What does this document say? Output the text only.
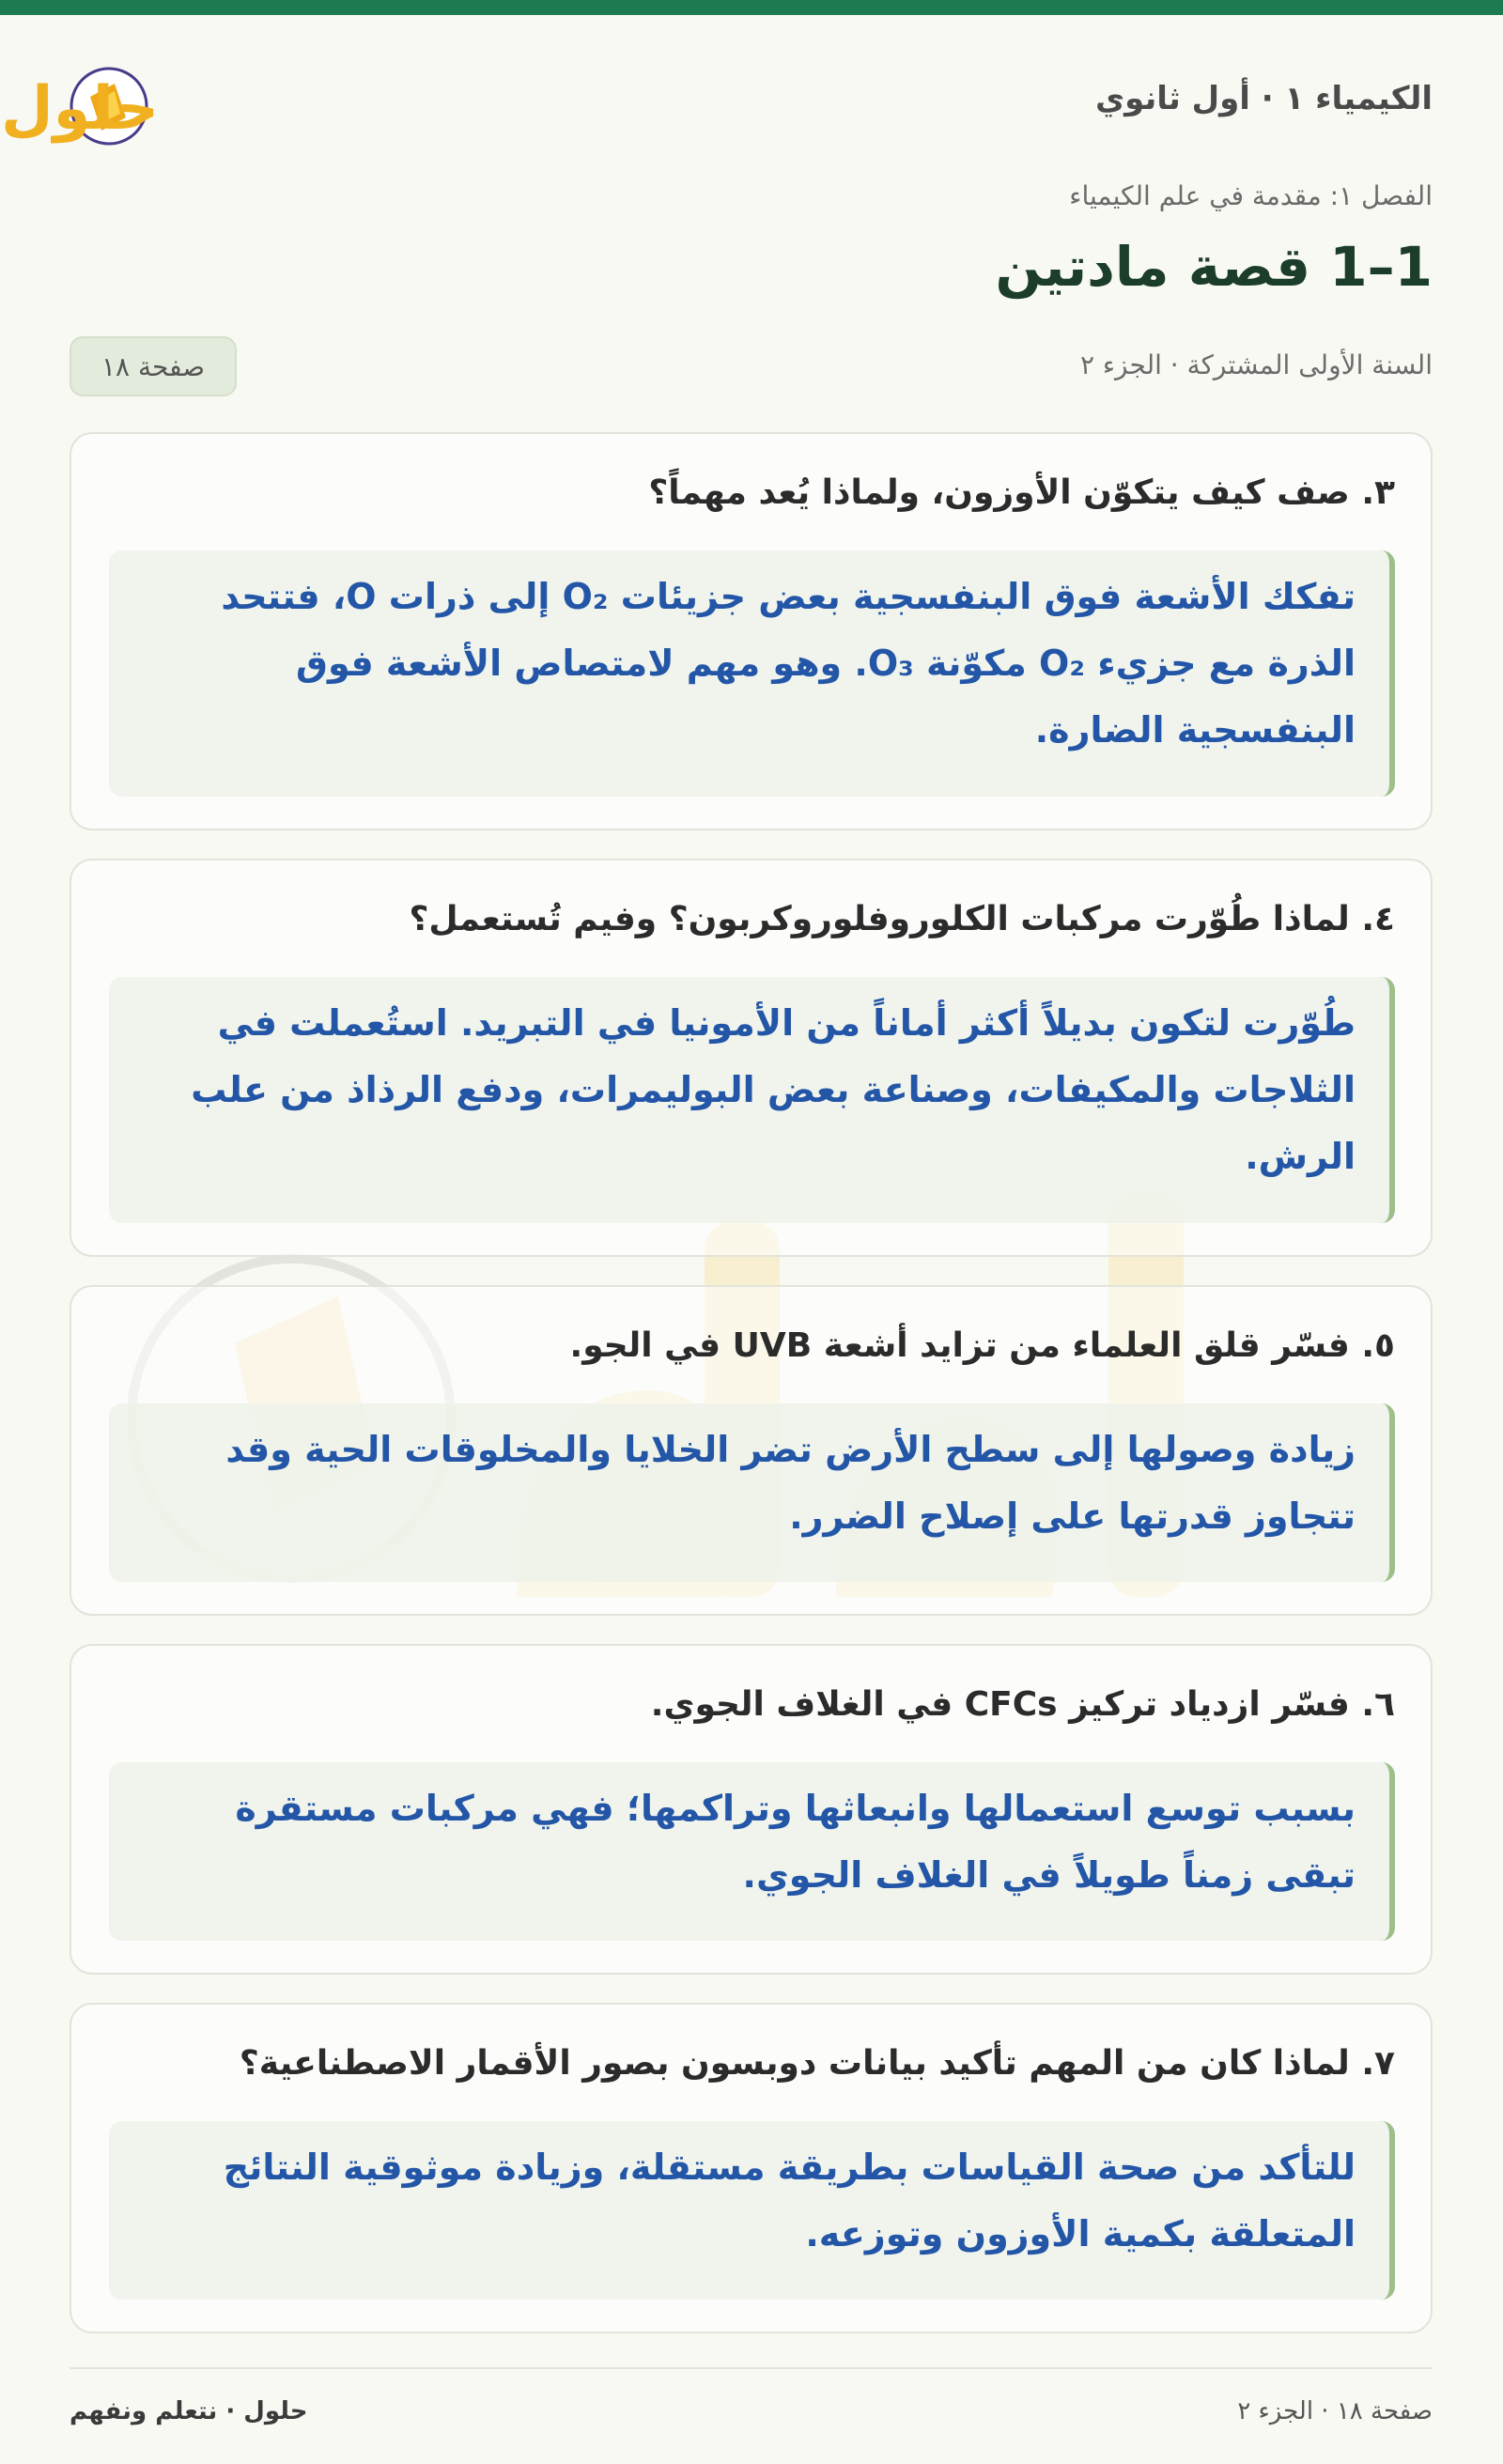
الكيمياء ١ · أول ثانوي
حلول
الفصل ١: مقدمة في علم الكيمياء
1–1 قصة مادتين
السنة الأولى المشتركة · الجزء ٢
صفحة ١٨
٣. صف كيف يتكوّن الأوزون، ولماذا يُعد مهماً؟
تفكك الأشعة فوق البنفسجية بعض جزيئات O₂ إلى ذرات O، فتتحد
الذرة مع جزيء O₂ مكوّنة O₃. وهو مهم لامتصاص الأشعة فوق
البنفسجية الضارة.
٤. لماذا طُوّرت مركبات الكلوروفلوروكربون؟ وفيم تُستعمل؟
طُوّرت لتكون بديلاً أكثر أماناً من الأمونيا في التبريد. استُعملت في
الثلاجات والمكيفات، وصناعة بعض البوليمرات، ودفع الرذاذ من علب
الرش.
٥. فسّر قلق العلماء من تزايد أشعة UVB في الجو.
زيادة وصولها إلى سطح الأرض تضر الخلايا والمخلوقات الحية وقد
تتجاوز قدرتها على إصلاح الضرر.
٦. فسّر ازدياد تركيز CFCs في الغلاف الجوي.
بسبب توسع استعمالها وانبعاثها وتراكمها؛ فهي مركبات مستقرة
تبقى زمناً طويلاً في الغلاف الجوي.
٧. لماذا كان من المهم تأكيد بيانات دوبسون بصور الأقمار الاصطناعية؟
للتأكد من صحة القياسات بطريقة مستقلة، وزيادة موثوقية النتائج
المتعلقة بكمية الأوزون وتوزعه.
حلول · نتعلم ونفهم	صفحة ١٨ · الجزء ٢
